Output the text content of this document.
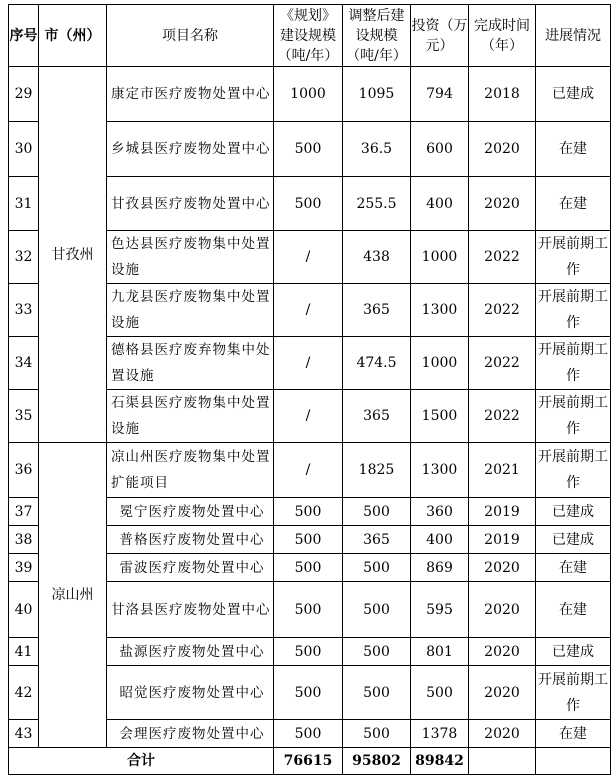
序号	市（州）	项目名称	《规划》建设规模（吨/年）	调整后建设规模（吨/年）	投资（万元）	完成时间（年）	进展情况
29	甘孜州	康定市医疗废物处置中心	1000	1095	794	2018	已建成
30		乡城县医疗废物处置中心	500	36.5	600	2020	在建
31		甘孜县医疗废物处置中心	500	255.5	400	2020	在建
32		色达县医疗废物集中处置设施	/	438	1000	2022	开展前期工作
33		九龙县医疗废物集中处置设施	/	365	1300	2022	开展前期工作
34		德格县医疗废弃物集中处置设施	/	474.5	1000	2022	开展前期工作
35		石渠县医疗废物集中处置设施	/	365	1500	2022	开展前期工作
36	凉山州	凉山州医疗废物集中处置扩能项目	/	1825	1300	2021	开展前期工作
37		冕宁医疗废物处置中心	500	500	360	2019	已建成
38		普格医疗废物处置中心	500	365	400	2019	已建成
39		雷波医疗废物处置中心	500	500	869	2020	在建
40		甘洛县医疗废物处置中心	500	500	595	2020	在建
41		盐源医疗废物处置中心	500	500	801	2020	已建成
42		昭觉医疗废物处置中心	500	500	500	2020	开展前期工作
43		会理医疗废物处置中心	500	500	1378	2020	在建
合计			76615	95802	89842		
